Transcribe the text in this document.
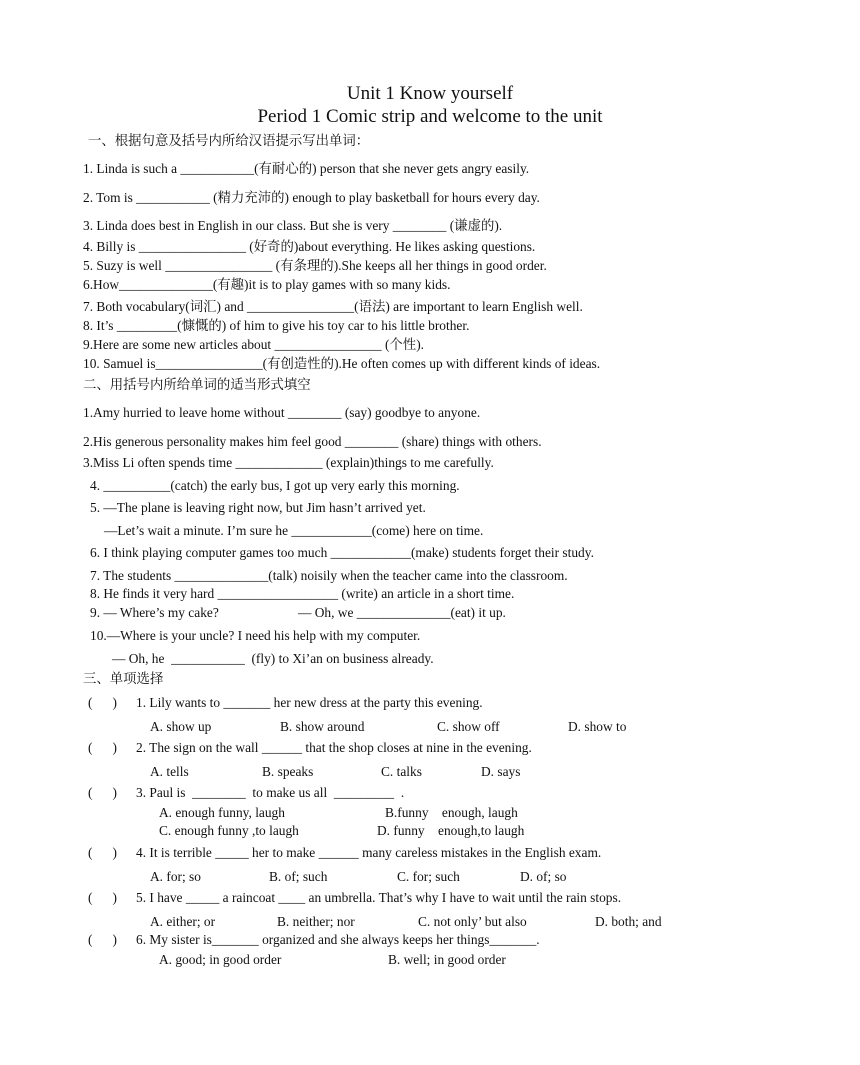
Unit 1 Know yourself
Period 1 Comic strip and welcome to the unit
一、根据句意及括号内所给汉语提示写出单词：
1. Linda is such a ___________(有耐心的) person that she never gets angry easily.
2. Tom is ___________ (精力充沛的) enough to play basketball for hours every day.
3. Linda does best in English in our class. But she is very ________ (谦虚的).
4. Billy is ________________ (好奇的)about everything. He likes asking questions.
5. Suzy is well ________________ (有条理的).She keeps all her things in good order.
6.How______________(有趣)it is to play games with so many kids.
7. Both vocabulary(词汇) and ________________(语法) are important to learn English well.
8. It’s _________(慷慨的) of him to give his toy car to his little brother.
9.Here are some new articles about ________________ (个性).
10. Samuel is________________(有创造性的).He often comes up with different kinds of ideas.
二、用括号内所给单词的适当形式填空
1.Amy hurried to leave home without ________ (say) goodbye to anyone.
2.His generous personality makes him feel good ________ (share) things with others.
3.Miss Li often spends time _____________ (explain)things to me carefully.
4. __________(catch) the early bus, I got up very early this morning.
5. —The plane is leaving right now, but Jim hasn’t arrived yet.
—Let’s wait a minute. I’m sure he ____________(come) here on time.
6. I think playing computer games too much ____________(make) students forget their study.
7. The students ______________(talk) noisily when the teacher came into the classroom.
8. He finds it very hard __________________ (write) an article in a short time.
9. — Where’s my cake?	— Oh, we ______________(eat) it up.
10.—Where is your uncle? I need his help with my computer.
— Oh, he  ___________  (fly) to Xi’an on business already.
三、单项选择
(      ) 1. Lily wants to _______ her new dress at the party this evening.
A. show up	B. show around	C. show off	D. show to
(      ) 2. The sign on the wall ______ that the shop closes at nine in the evening.
A. tells	B. speaks	C. talks	D. says
(      ) 3. Paul is  ________  to make us all  _________  .
A. enough funny, laugh	B.funny    enough, laugh
C. enough funny ,to laugh	D. funny    enough,to laugh
(      ) 4. It is terrible _____ her to make ______ many careless mistakes in the English exam.
A. for; so	B. of; such	C. for; such	D. of; so
(      ) 5. I have _____ a raincoat ____ an umbrella. That’s why I have to wait until the rain stops.
A. either; or	B. neither; nor	C. not only’ but also	D. both; and
(      ) 6. My sister is_______ organized and she always keeps her things_______.
A. good; in good order	B. well; in good order
